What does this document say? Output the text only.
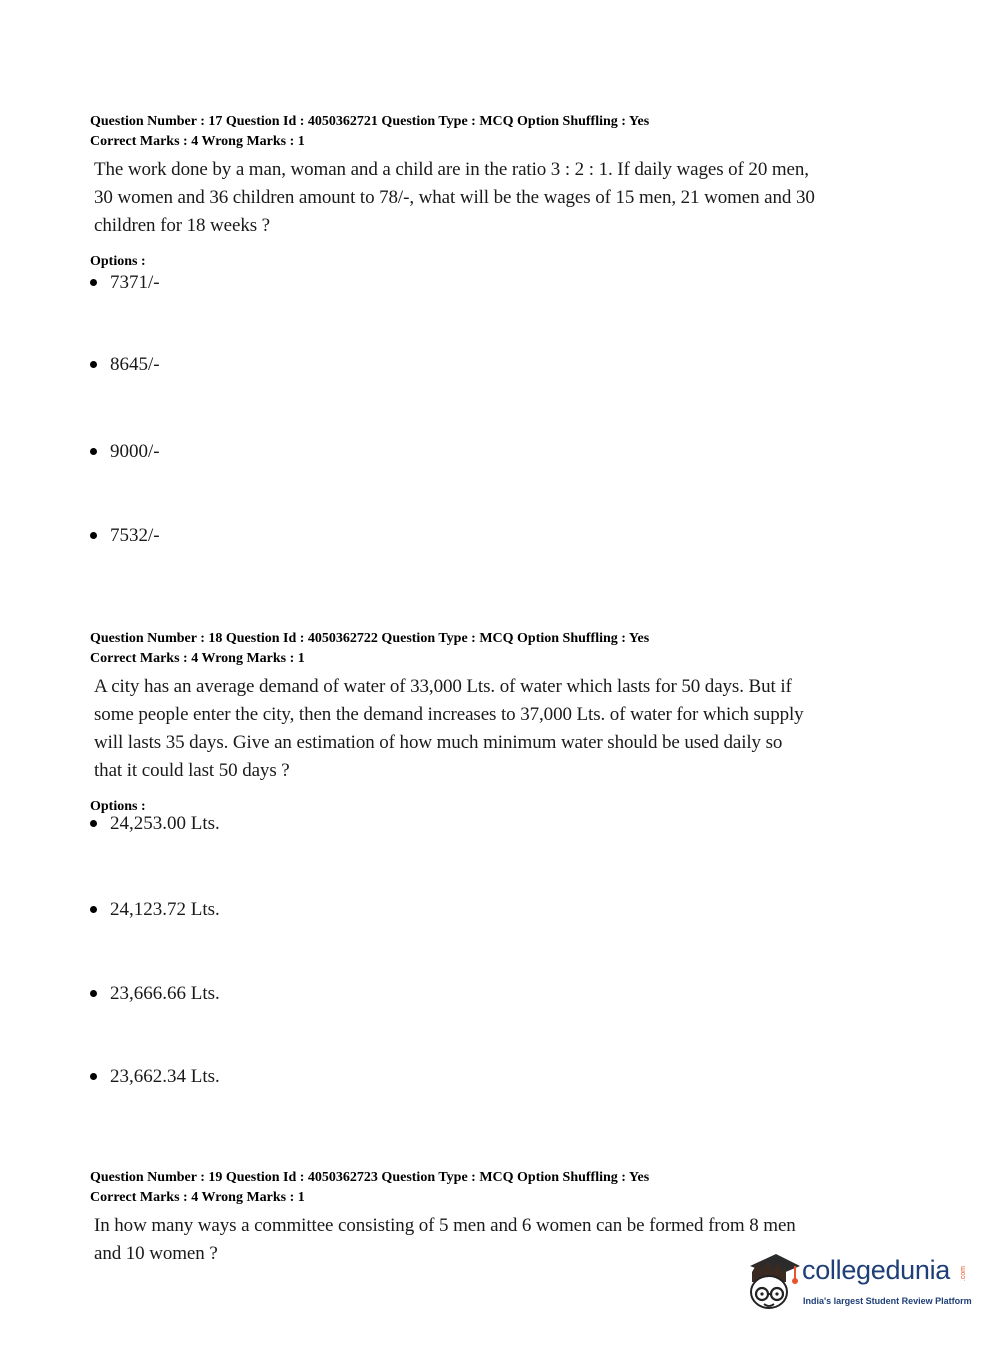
Question Number : 17 Question Id : 4050362721 Question Type : MCQ Option Shuffling : Yes
Correct Marks : 4 Wrong Marks : 1
The work done by a man, woman and a child are in the ratio 3 : 2 : 1. If daily wages of 20 men,
30 women and 36 children amount to 78/-, what will be the wages of 15 men, 21 women and 30
children for 18 weeks ?
Options :
7371/-
8645/-
9000/-
7532/-
Question Number : 18 Question Id : 4050362722 Question Type : MCQ Option Shuffling : Yes
Correct Marks : 4 Wrong Marks : 1
A city has an average demand of water of 33,000 Lts. of water which lasts for 50 days. But if
some people enter the city, then the demand increases to 37,000 Lts. of water for which supply
will lasts 35 days. Give an estimation of how much minimum water should be used daily so
that it could last 50 days ?
Options :
24,253.00 Lts.
24,123.72 Lts.
23,666.66 Lts.
23,662.34 Lts.
Question Number : 19 Question Id : 4050362723 Question Type : MCQ Option Shuffling : Yes
Correct Marks : 4 Wrong Marks : 1
In how many ways a committee consisting of 5 men and 6 women can be formed from 8 men
and 10 women ?
collegedunia .com
India's largest Student Review Platform
